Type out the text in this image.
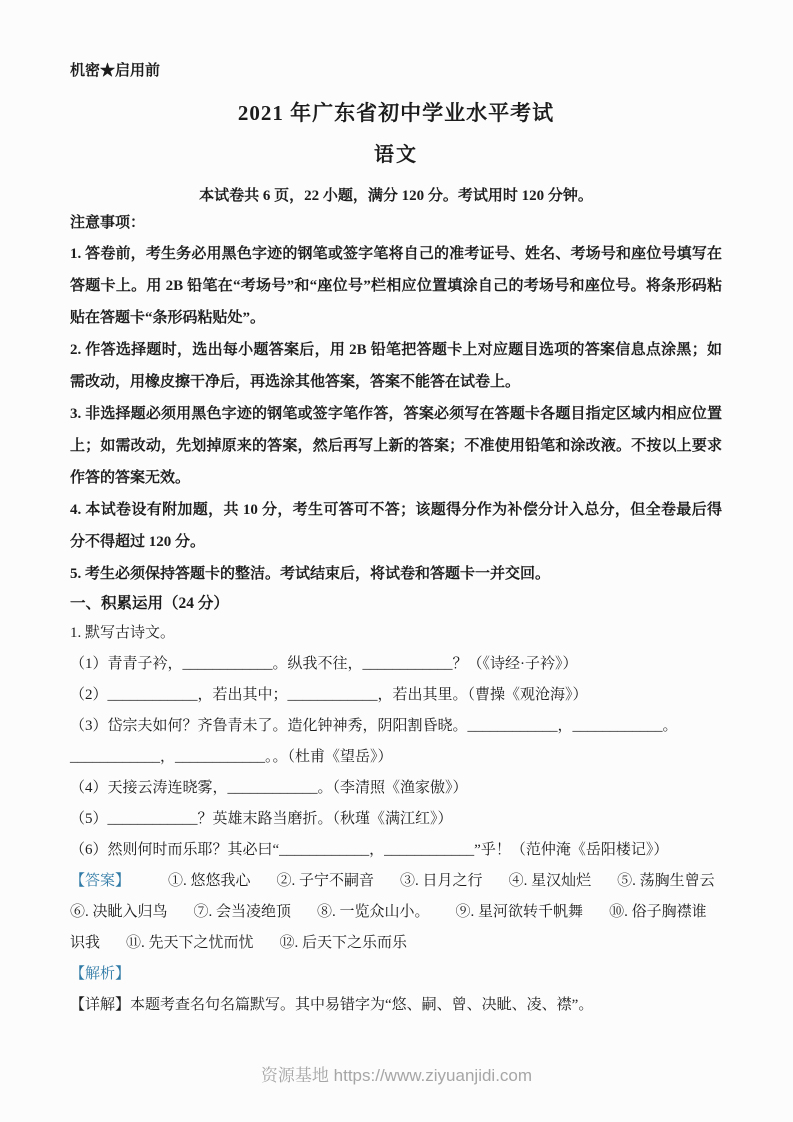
机密★启用前
2021 年广东省初中学业水平考试
语文
本试卷共 6 页，22 小题，满分 120 分。考试用时 120 分钟。
注意事项：

1. 答卷前，考生务必用黑色字迹的钢笔或签字笔将自己的准考证号、姓名、考场号和座位号填写在答题卡上。用 2B 铅笔在“考场号”和“座位号”栏相应位置填涂自己的考场号和座位号。将条形码粘贴在答题卡“条形码粘贴处”。

2. 作答选择题时，选出每小题答案后，用 2B 铅笔把答题卡上对应题目选项的答案信息点涂黑；如需改动，用橡皮擦干净后，再选涂其他答案，答案不能答在试卷上。

3. 非选择题必须用黑色字迹的钢笔或签字笔作答，答案必须写在答题卡各题目指定区域内相应位置上；如需改动，先划掉原来的答案，然后再写上新的答案；不准使用铅笔和涂改液。不按以上要求作答的答案无效。

4. 本试卷设有附加题，共 10 分，考生可答可不答；该题得分作为补偿分计入总分，但全卷最后得分不得超过 120 分。

5. 考生必须保持答题卡的整洁。考试结束后，将试卷和答题卡一并交回。

一、积累运用（24 分）
1. 默写古诗文。

（1）青青子衿，____________。纵我不往，____________？（《诗经·子衿》）

（2）____________，若出其中；____________，若出其里。（曹操《观沧海》）

（3）岱宗夫如何？齐鲁青未了。造化钟神秀，阴阳割昏晓。____________，____________。

____________，____________。。（杜甫《望岳》）

（4）天接云涛连晓雾，____________。（李清照《渔家傲》）

（5）____________？英雄末路当磨折。（秋瑾《满江红》）

（6）然则何时而乐耶？其必曰“____________，____________”乎！（范仲淹《岳阳楼记》）

【答案】	①. 悠悠我心 ②. 子宁不嗣音 ③. 日月之行 ④. 星汉灿烂 ⑤. 荡胸生曾云
⑥. 决眦入归鸟 ⑦. 会当凌绝顶 ⑧. 一览众山小。 ⑨. 星河欲转千帆舞 ⑩. 俗子胸襟谁
识我 ⑪. 先天下之忧而忧 ⑫. 后天下之乐而乐
【解析】
【详解】本题考查名句名篇默写。其中易错字为“悠、嗣、曾、决眦、凌、襟”。
资源基地 https://www.ziyuanjidi.com
